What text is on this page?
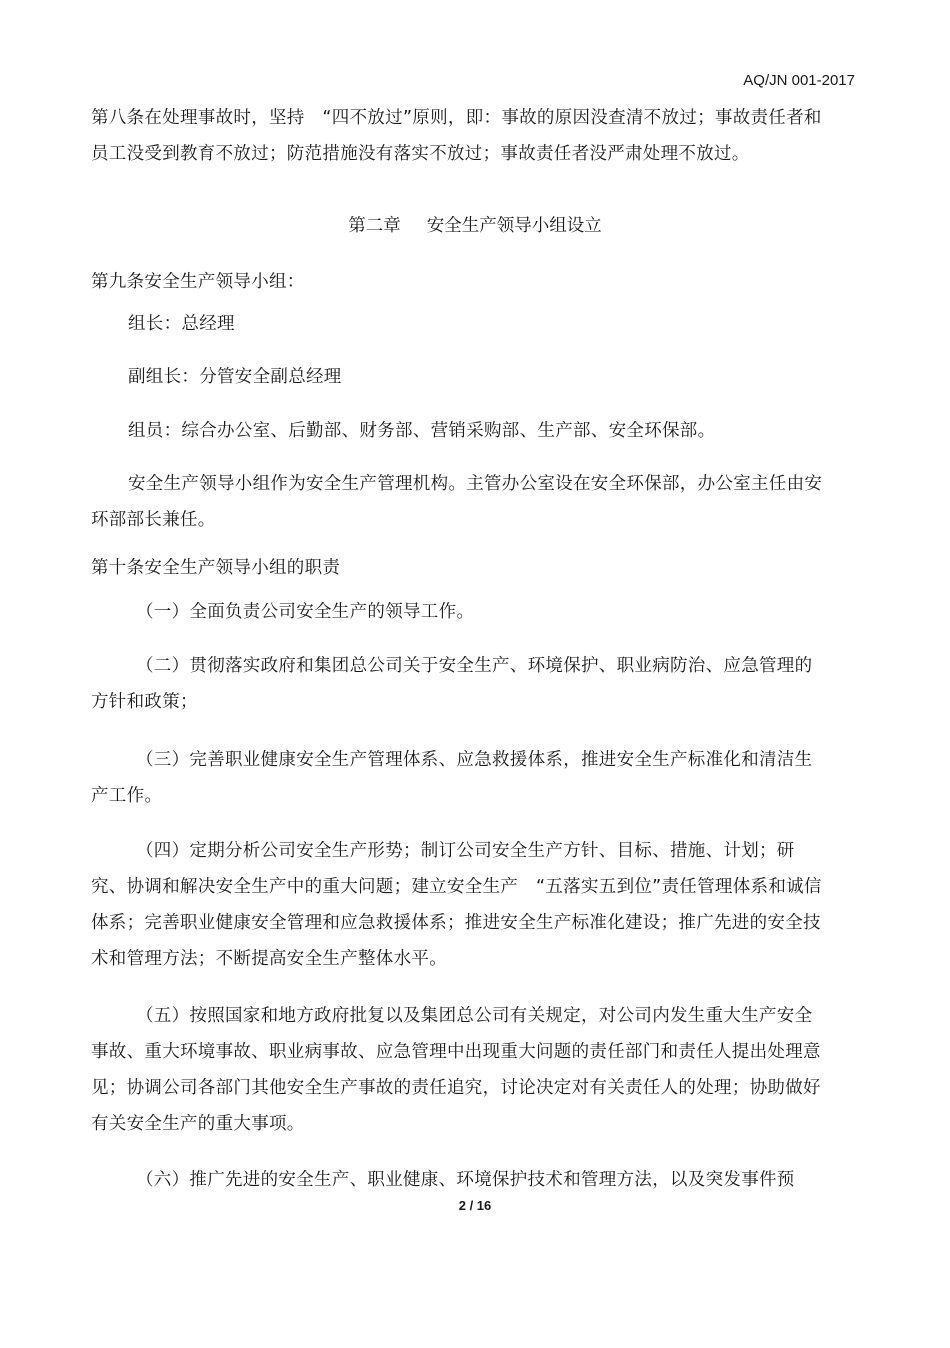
AQ/JN 001-2017
第八条在处理事故时，坚持　“四不放过”原则，即：事故的原因没查清不放过；事故责任者和员工没受到教育不放过；防范措施没有落实不放过；事故责任者没严肃处理不放过。
第二章 安全生产领导小组设立
第九条安全生产领导小组：
组长：总经理
副组长：分管安全副总经理
组员：综合办公室、后勤部、财务部、营销采购部、生产部、安全环保部。
安全生产领导小组作为安全生产管理机构。主管办公室设在安全环保部，办公室主任由安环部部长兼任。
第十条安全生产领导小组的职责
（一）全面负责公司安全生产的领导工作。
（二）贯彻落实政府和集团总公司关于安全生产、环境保护、职业病防治、应急管理的方针和政策；
（三）完善职业健康安全生产管理体系、应急救援体系，推进安全生产标准化和清洁生产工作。
（四）定期分析公司安全生产形势；制订公司安全生产方针、目标、措施、计划；研究、协调和解决安全生产中的重大问题；建立安全生产　“五落实五到位”责任管理体系和诚信体系；完善职业健康安全管理和应急救援体系；推进安全生产标准化建设；推广先进的安全技术和管理方法；不断提高安全生产整体水平。
（五）按照国家和地方政府批复以及集团总公司有关规定，对公司内发生重大生产安全事故、重大环境事故、职业病事故、应急管理中出现重大问题的责任部门和责任人提出处理意见；协调公司各部门其他安全生产事故的责任追究，讨论决定对有关责任人的处理；协助做好有关安全生产的重大事项。
（六）推广先进的安全生产、职业健康、环境保护技术和管理方法，以及突发事件预
2 / 16
